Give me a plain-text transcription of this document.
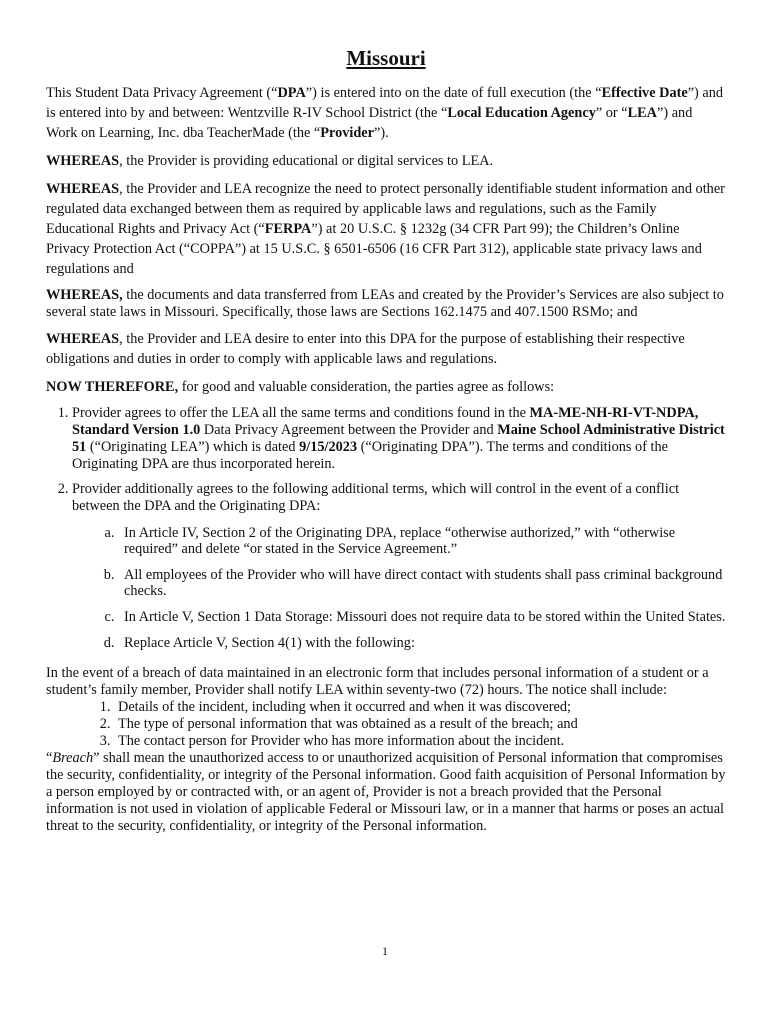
Missouri

This Student Data Privacy Agreement (“DPA”) is entered into on the date of full execution (the “Effective Date”) and is entered into by and between: Wentzville R-IV School District (the “Local Education Agency” or “LEA”) and Work on Learning, Inc. dba TeacherMade (the “Provider”).

WHEREAS, the Provider is providing educational or digital services to LEA.

WHEREAS, the Provider and LEA recognize the need to protect personally identifiable student information and other regulated data exchanged between them as required by applicable laws and regulations, such as the Family Educational Rights and Privacy Act (“FERPA”) at 20 U.S.C. § 1232g (34 CFR Part 99); the Children’s Online Privacy Protection Act (“COPPA”) at 15 U.S.C. § 6501-6506 (16 CFR Part 312), applicable state privacy laws and regulations and

WHEREAS, the documents and data transferred from LEAs and created by the Provider’s Services are also subject to several state laws in Missouri. Specifically, those laws are Sections 162.1475 and 407.1500 RSMo; and

WHEREAS, the Provider and LEA desire to enter into this DPA for the purpose of establishing their respective obligations and duties in order to comply with applicable laws and regulations.

NOW THEREFORE, for good and valuable consideration, the parties agree as follows:

1. Provider agrees to offer the LEA all the same terms and conditions found in the MA-ME-NH-RI-VT-NDPA, Standard Version 1.0 Data Privacy Agreement between the Provider and Maine School Administrative District 51 (“Originating LEA”) which is dated 9/15/2023 (“Originating DPA”). The terms and conditions of the Originating DPA are thus incorporated herein.
2. Provider additionally agrees to the following additional terms, which will control in the event of a conflict between the DPA and the Originating DPA:
a. In Article IV, Section 2 of the Originating DPA, replace “otherwise authorized,” with “otherwise required” and delete “or stated in the Service Agreement.”
b. All employees of the Provider who will have direct contact with students shall pass criminal background checks.
c. In Article V, Section 1 Data Storage: Missouri does not require data to be stored within the United States.
d. Replace Article V, Section 4(1) with the following:

In the event of a breach of data maintained in an electronic form that includes personal information of a student or a student’s family member, Provider shall notify LEA within seventy-two (72) hours. The notice shall include:

1. Details of the incident, including when it occurred and when it was discovered;
2. The type of personal information that was obtained as a result of the breach; and
3. The contact person for Provider who has more information about the incident.

“Breach” shall mean the unauthorized access to or unauthorized acquisition of Personal information that compromises the security, confidentiality, or integrity of the Personal information. Good faith acquisition of Personal Information by a person employed by or contracted with, or an agent of, Provider is not a breach provided that the Personal information is not used in violation of applicable Federal or Missouri law, or in a manner that harms or poses an actual threat to the security, confidentiality, or integrity of the Personal information.

1
